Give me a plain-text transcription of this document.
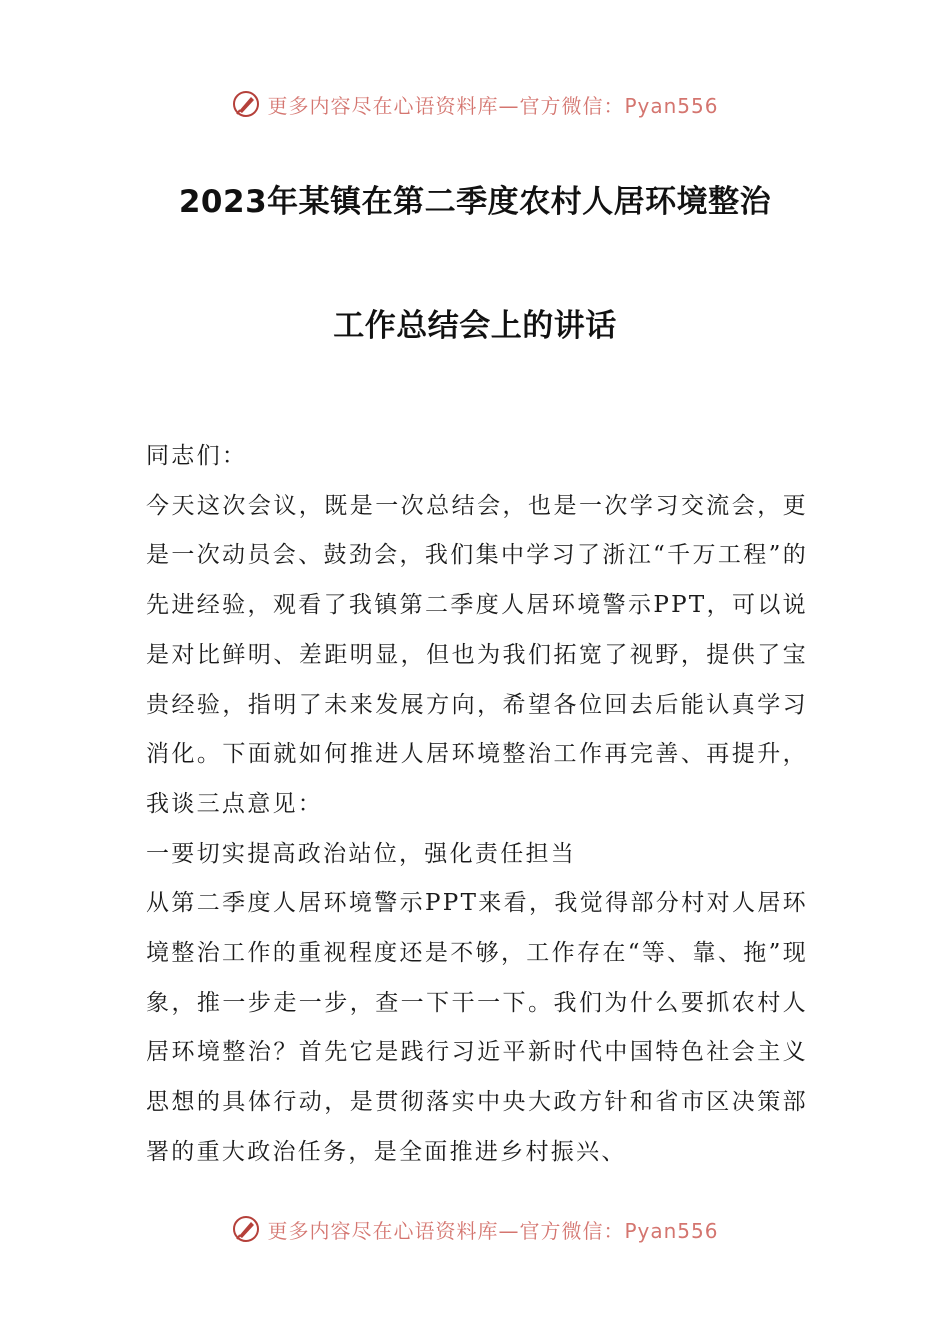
更多内容尽在心语资料库—官方微信：Pyan556
2023年某镇在第二季度农村人居环境整治
工作总结会上的讲话

同志们：

今天这次会议，既是一次总结会，也是一次学习交流会，更是一次动员会、鼓劲会，我们集中学习了浙江“千万工程”的先进经验，观看了我镇第二季度人居环境警示PPT，可以说是对比鲜明、差距明显，但也为我们拓宽了视野，提供了宝贵经验，指明了未来发展方向，希望各位回去后能认真学习消化。下面就如何推进人居环境整治工作再完善、再提升，我谈三点意见：

一要切实提高政治站位，强化责任担当

从第二季度人居环境警示PPT来看，我觉得部分村对人居环境整治工作的重视程度还是不够，工作存在“等、靠、拖”现象，推一步走一步，查一下干一下。我们为什么要抓农村人居环境整治？首先它是践行习近平新时代中国特色社会主义思想的具体行动，是贯彻落实中央大政方针和省市区决策部署的重大政治任务，是全面推进乡村振兴、

更多内容尽在心语资料库—官方微信：Pyan556
